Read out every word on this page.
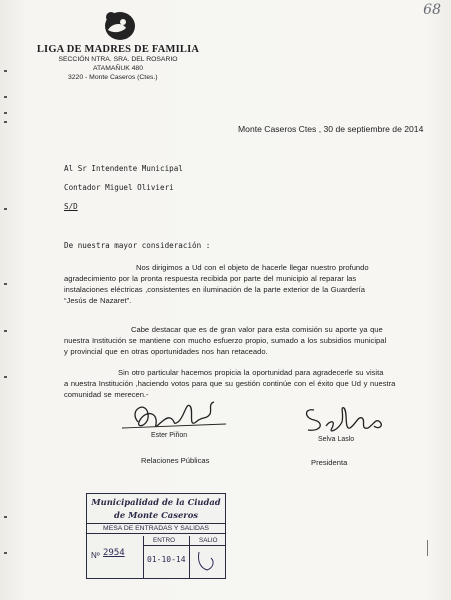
68
LIGA DE MADRES DE FAMILIA
SECCIÓN NTRA. SRA. DEL ROSARIO
ATAMAÑUK 480
3220 - Monte Caseros (Ctes.)
Monte Caseros Ctes , 30 de septiembre de 2014
Al Sr Intendente Municipal
Contador Miguel Olivieri
S/D
De nuestra mayor consideración :
Nos dirigimos a Ud con el objeto de hacerle llegar nuestro profundo
agradecimiento por la pronta respuesta recibida por parte del municipio al reparar las
instalaciones eléctricas ,consistentes en iluminación de la parte exterior de la Guardería
“Jesús de Nazaret”.
Cabe destacar que es de gran valor para esta comisión su aporte ya que
nuestra Institución se mantiene con mucho esfuerzo propio, sumado a los subsidios municipal
y provincial que en otras oportunidades nos han retaceado.
Sin otro particular hacemos propicia la oportunidad para agradecerle su visita
a nuestra Institución ,haciendo votos para que su gestión continúe con el éxito que Ud y nuestra
comunidad se merecen.-
Ester Piñon
Relaciones Públicas
Selva Laslo
Presidenta
Municipalidad de la Ciudad
de Monte Caseros
MESA DE ENTRADAS Y SALIDAS
ENTRO	SALIO
Nº 2954
01-10-14
